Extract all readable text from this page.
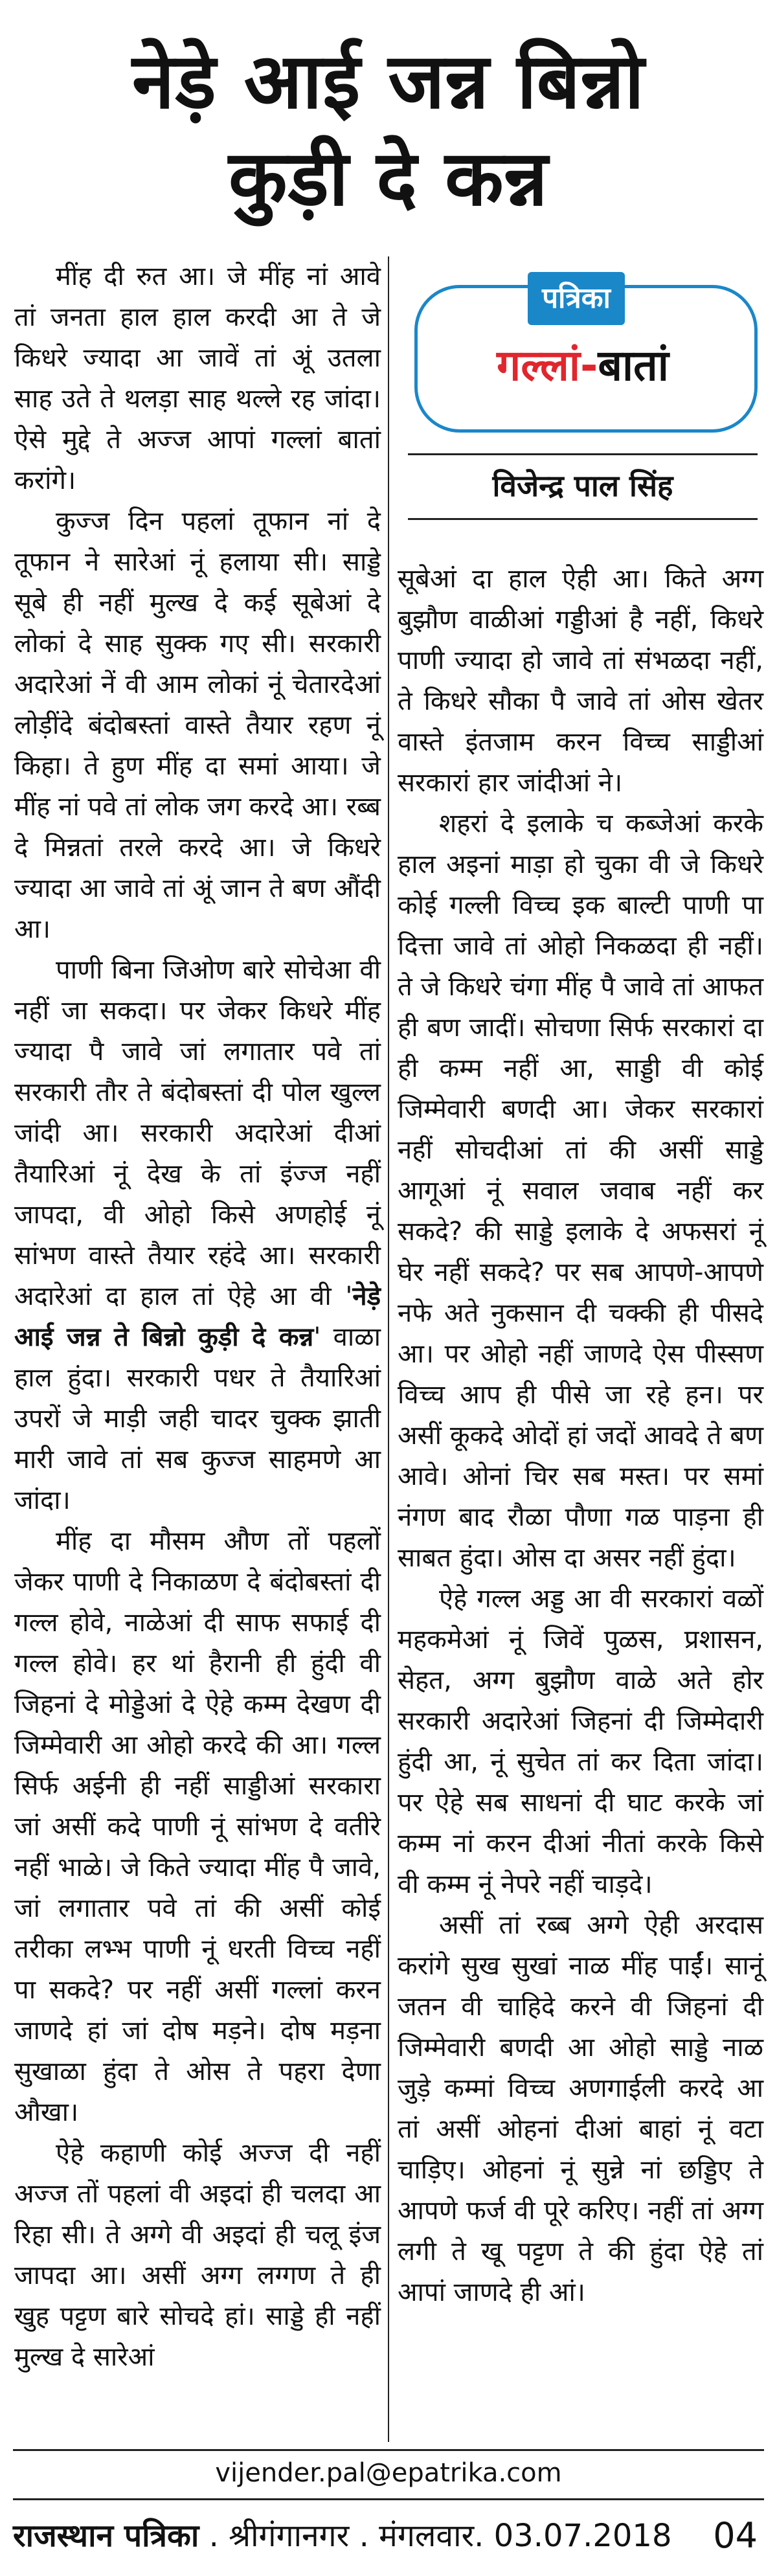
नेड़े आई जन्न बिन्नो
कुड़ी दे कन्न

मींह दी रुत आ। जे मींह नां आवे तां जनता हाल हाल करदी आ ते जे किधरे ज्यादा आ जावें तां अूं उतला साह उते ते थलड़ा साह थल्ले रह जांदा। ऐसे मुद्दे ते अज्ज आपां गल्लां बातां करांगे।

कुज्ज दिन पहलां तूफान नां दे तूफान ने सारेआं नूं हलाया सी। साड्डे सूबे ही नहीं मुल्ख दे कई सूबेआं दे लोकां दे साह सुक्क गए सी। सरकारी अदारेआं नें वी आम लोकां नूं चेतारदेआं लोड़ींदे बंदोबस्तां वास्ते तैयार रहण नूं किहा। ते हुण मींह दा समां आया। जे मींह नां पवे तां लोक जग करदे आ। रब्ब दे मिन्नतां तरले करदे आ। जे किधरे ज्यादा आ जावे तां अूं जान ते बण औंदी आ।

पाणी बिना जिओण बारे सोचेआ वी नहीं जा सकदा। पर जेकर किधरे मींह ज्यादा पै जावे जां लगातार पवे तां सरकारी तौर ते बंदोबस्तां दी पोल खुल्ल जांदी आ। सरकारी अदारेआं दीआं तैयारिआं नूं देख के तां इंज्ज नहीं जापदा, वी ओहो किसे अणहोई नूं सांभण वास्ते तैयार रहंदे आ। सरकारी अदारेआं दा हाल तां ऐहे आ वी 'नेड़े आई जन्न ते बिन्नो कुड़ी दे कन्न' वाळा हाल हुंदा। सरकारी पधर ते तैयारिआं उपरों जे माड़ी जही चादर चुक्क झाती मारी जावे तां सब कुज्ज साहमणे आ जांदा।

मींह दा मौसम औण तों पहलों जेकर पाणी दे निकाळण दे बंदोबस्तां दी गल्ल होवे, नाळेआं दी साफ सफाई दी गल्ल होवे। हर थां हैरानी ही हुंदी वी जिहनां दे मोड्डेआं दे ऐहे कम्म देखण दी जिम्मेवारी आ ओहो करदे की आ। गल्ल सिर्फ अईनी ही नहीं साड्डीआं सरकारा जां असीं कदे पाणी नूं सांभण दे वतीरे नहीं भाळे। जे किते ज्यादा मींह पै जावे, जां लगातार पवे तां की असीं कोई तरीका लभ्भ पाणी नूं धरती विच्च नहीं पा सकदे? पर नहीं असीं गल्लां करन जाणदे हां जां दोष मड़ने। दोष मड़ना सुखाळा हुंदा ते ओस ते पहरा देणा औखा।

ऐहे कहाणी कोई अज्ज दी नहीं अज्ज तों पहलां वी अइदां ही चलदा आ रिहा सी। ते अग्गे वी अइदां ही चलू इंज जापदा आ। असीं अग्ग लग्गण ते ही खुह पट्टण बारे सोचदे हां। साड्डे ही नहीं मुल्ख दे सारेआं

पत्रिका
गल्लां-बातां
विजेन्द्र पाल सिंह

सूबेआं दा हाल ऐही आ। किते अग्ग बुझौण वाळीआं गड्डीआं है नहीं, किधरे पाणी ज्यादा हो जावे तां संभळदा नहीं, ते किधरे सौका पै जावे तां ओस खेतर वास्ते इंतजाम करन विच्च साड्डीआं सरकारां हार जांदीआं ने।

शहरां दे इलाके च कब्जेआं करके हाल अइनां माड़ा हो चुका वी जे किधरे कोई गल्ली विच्च इक बाल्टी पाणी पा दित्ता जावे तां ओहो निकळदा ही नहीं। ते जे किधरे चंगा मींह पै जावे तां आफत ही बण जादीं। सोचणा सिर्फ सरकारां दा ही कम्म नहीं आ, साड्डी वी कोई जिम्मेवारी बणदी आ। जेकर सरकारां नहीं सोचदीआं तां की असीं साड्डे आगूआं नूं सवाल जवाब नहीं कर सकदे? की साड्डे इलाके दे अफसरां नूं घेर नहीं सकदे? पर सब आपणे-आपणे नफे अते नुकसान दी चक्की ही पीसदे आ। पर ओहो नहीं जाणदे ऐस पीस्सण विच्च आप ही पीसे जा रहे हन। पर असीं कूकदे ओदों हां जदों आवदे ते बण आवे। ओनां चिर सब मस्त। पर समां नंगण बाद रौळा पौणा गळ पाड़ना ही साबत हुंदा। ओस दा असर नहीं हुंदा।

ऐहे गल्ल अड्ड आ वी सरकारां वळों महकमेआं नूं जिवें पुळस, प्रशासन, सेहत, अग्ग बुझौण वाळे अते होर सरकारी अदारेआं जिहनां दी जिम्मेदारी हुंदी आ, नूं सुचेत तां कर दिता जांदा। पर ऐहे सब साधनां दी घाट करके जां कम्म नां करन दीआं नीतां करके किसे वी कम्म नूं नेपरे नहीं चाड़दे।

असीं तां रब्ब अग्गे ऐही अरदास करांगे सुख सुखां नाळ मींह पाईं। सानूं जतन वी चाहिदे करने वी जिहनां दी जिम्मेवारी बणदी आ ओहो साड्डे नाळ जुड़े कम्मां विच्च अणगाईली करदे आ तां असीं ओहनां दीआं बाहां नूं वटा चाड़िए। ओहनां नूं सुन्ने नां छड्डिए ते आपणे फर्ज वी पूरे करिए। नहीं तां अग्ग लगी ते खू पट्टण ते की हुंदा ऐहे तां आपां जाणदे ही आं।

vijender.pal@epatrika.com
राजस्थान पत्रिका . श्रीगंगानगर . मंगलवार. 03.07.2018 04
